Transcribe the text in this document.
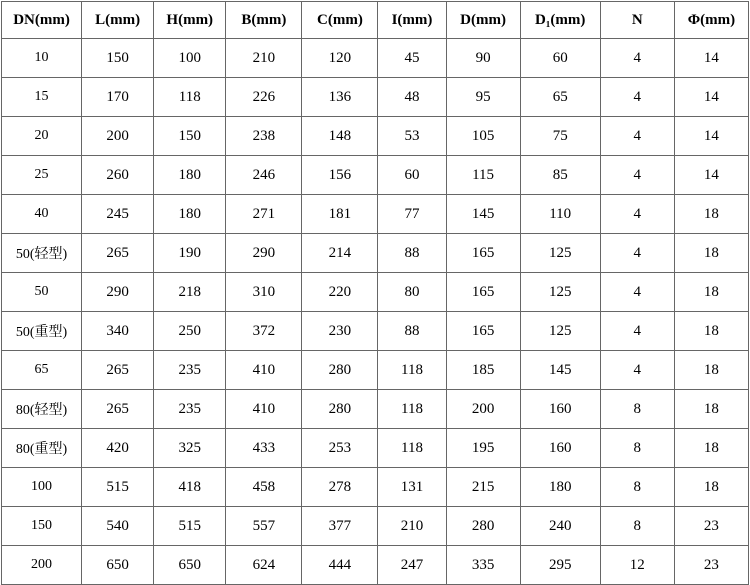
DN(mm)	L(mm)	H(mm)	B(mm)	C(mm)	I(mm)	D(mm)	D₁(mm)	N	Φ(mm)
10	150	100	210	120	45	90	60	4	14
15	170	118	226	136	48	95	65	4	14
20	200	150	238	148	53	105	75	4	14
25	260	180	246	156	60	115	85	4	14
40	245	180	271	181	77	145	110	4	18
50(轻型)	265	190	290	214	88	165	125	4	18
50	290	218	310	220	80	165	125	4	18
50(重型)	340	250	372	230	88	165	125	4	18
65	265	235	410	280	118	185	145	4	18
80(轻型)	265	235	410	280	118	200	160	8	18
80(重型)	420	325	433	253	118	195	160	8	18
100	515	418	458	278	131	215	180	8	18
150	540	515	557	377	210	280	240	8	23
200	650	650	624	444	247	335	295	12	23
